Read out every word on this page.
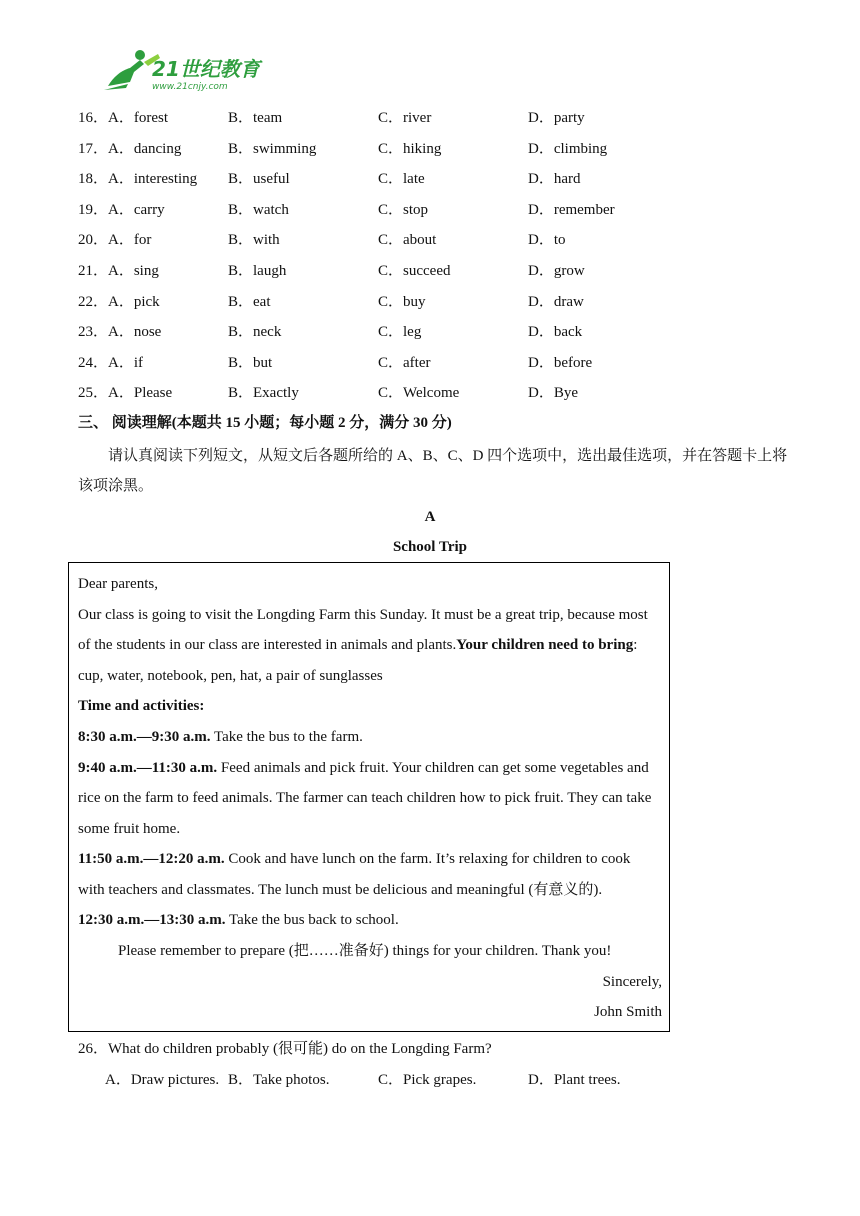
21世纪教育
www.21cnjy.com
16．A．forest	B．team	C．river	D．party
17．A．dancing	B．swimming	C．hiking	D．climbing
18．A．interesting B．useful	C．late	D．hard
19．A．carry	B．watch	C．stop	D．remember
20．A．for	B．with	C．about	D．to
21．A．sing	B．laugh	C．succeed	D．grow
22．A．pick	B．eat	C．buy	D．draw
23．A．nose	B．neck	C．leg	D．back
24．A．if	B．but	C．after	D．before
25．A．Please	B．Exactly	C．Welcome	D．Bye
三、 阅读理解(本题共 15 小题；每小题 2 分，满分 30 分)
请认真阅读下列短文，从短文后各题所给的 A、B、C、D 四个选项中，选出最佳选项，并在答题卡上将该项涂黑。
A
School Trip
Dear parents,
Our class is going to visit the Longding Farm this Sunday. It must be a great trip, because most
of the students in our class are interested in animals and plants.Your children need to bring:
cup, water, notebook, pen, hat, a pair of sunglasses
Time and activities:
8:30 a.m.—9:30 a.m. Take the bus to the farm.
9:40 a.m.—11:30 a.m. Feed animals and pick fruit. Your children can get some vegetables and
rice on the farm to feed animals. The farmer can teach children how to pick fruit. They can take
some fruit home.
11:50 a.m.—12:20 a.m. Cook and have lunch on the farm. It’s relaxing for children to cook
with teachers and classmates. The lunch must be delicious and meaningful (有意义的).
12:30 a.m.—13:30 a.m. Take the bus back to school.
Please remember to prepare (把……准备好) things for your children. Thank you!
Sincerely,
John Smith
26．What do children probably (很可能) do on the Longding Farm?
A．Draw pictures. B．Take photos.	C．Pick grapes.	D．Plant trees.
